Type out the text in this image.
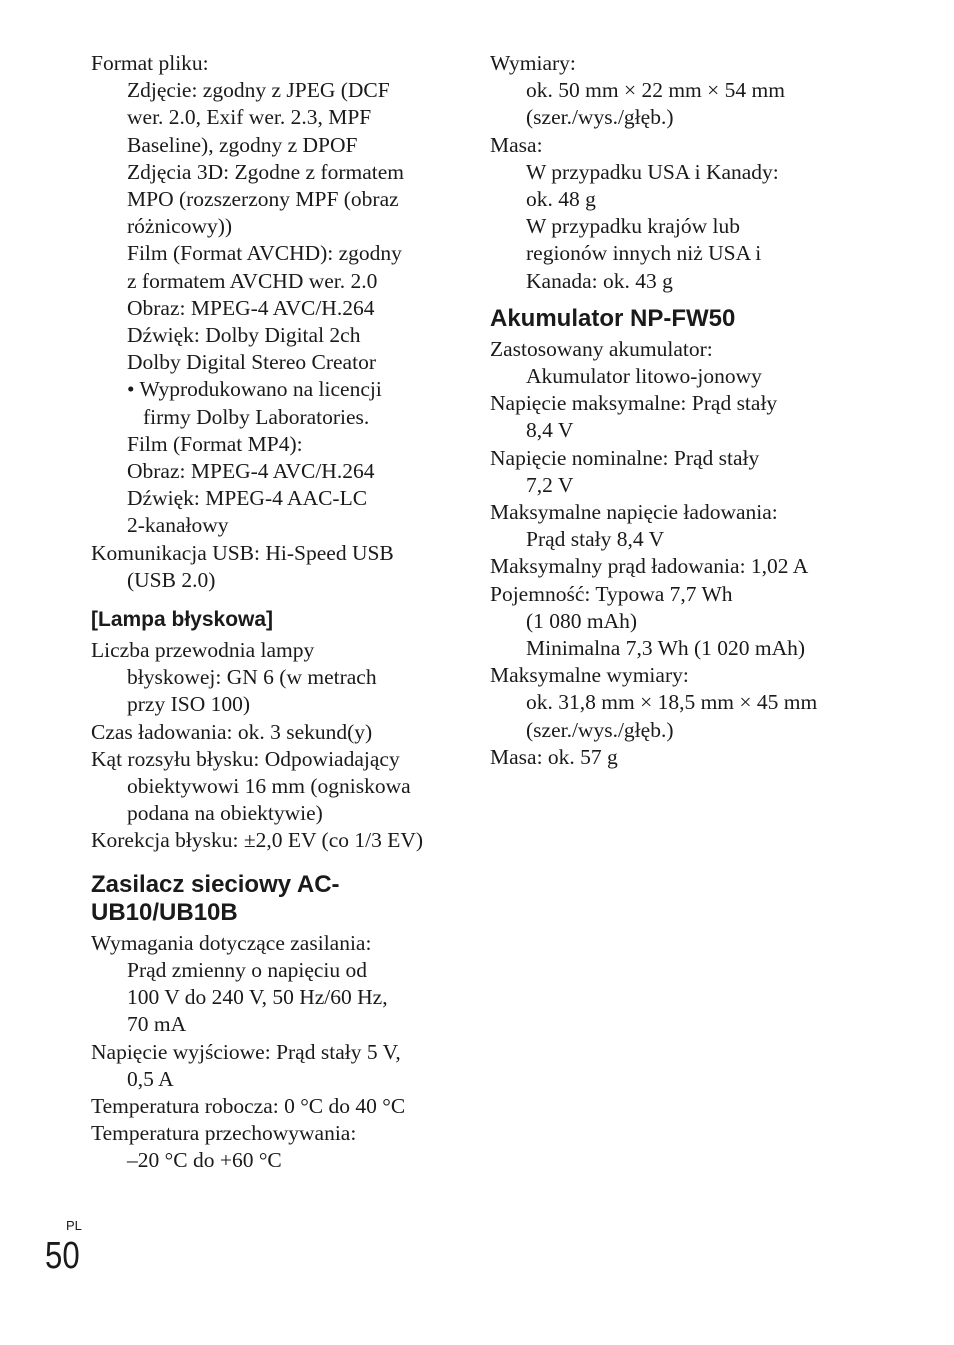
Format pliku:
Zdjęcie: zgodny z JPEG (DCF
wer. 2.0, Exif wer. 2.3, MPF
Baseline), zgodny z DPOF
Zdjęcia 3D: Zgodne z formatem
MPO (rozszerzony MPF (obraz
różnicowy))
Film (Format AVCHD): zgodny
z formatem AVCHD wer. 2.0
Obraz: MPEG-4 AVC/H.264
Dźwięk: Dolby Digital 2ch
Dolby Digital Stereo Creator
• Wyprodukowano na licencji
firmy Dolby Laboratories.
Film (Format MP4):
Obraz: MPEG-4 AVC/H.264
Dźwięk: MPEG-4 AAC-LC
2-kanałowy
Komunikacja USB: Hi-Speed USB
(USB 2.0)
[Lampa błyskowa]
Liczba przewodnia lampy
błyskowej: GN 6 (w metrach
przy ISO 100)
Czas ładowania: ok. 3 sekund(y)
Kąt rozsyłu błysku: Odpowiadający
obiektywowi 16 mm (ogniskowa
podana na obiektywie)
Korekcja błysku: ±2,0 EV (co 1/3 EV)
Zasilacz sieciowy AC-
UB10/UB10B
Wymagania dotyczące zasilania:
Prąd zmienny o napięciu od
100 V do 240 V, 50 Hz/60 Hz,
70 mA
Napięcie wyjściowe: Prąd stały 5 V,
0,5 A
Temperatura robocza: 0 °C do 40 °C
Temperatura przechowywania:
–20 °C do +60 °C
Wymiary:
ok. 50 mm × 22 mm × 54 mm
(szer./wys./głęb.)
Masa:
W przypadku USA i Kanady:
ok. 48 g
W przypadku krajów lub
regionów innych niż USA i
Kanada: ok. 43 g
Akumulator NP-FW50
Zastosowany akumulator:
Akumulator litowo-jonowy
Napięcie maksymalne: Prąd stały
8,4 V
Napięcie nominalne: Prąd stały
7,2 V
Maksymalne napięcie ładowania:
Prąd stały 8,4 V
Maksymalny prąd ładowania: 1,02 A
Pojemność: Typowa 7,7 Wh
(1 080 mAh)
Minimalna 7,3 Wh (1 020 mAh)
Maksymalne wymiary:
ok. 31,8 mm × 18,5 mm × 45 mm
(szer./wys./głęb.)
Masa: ok. 57 g
PL
50
